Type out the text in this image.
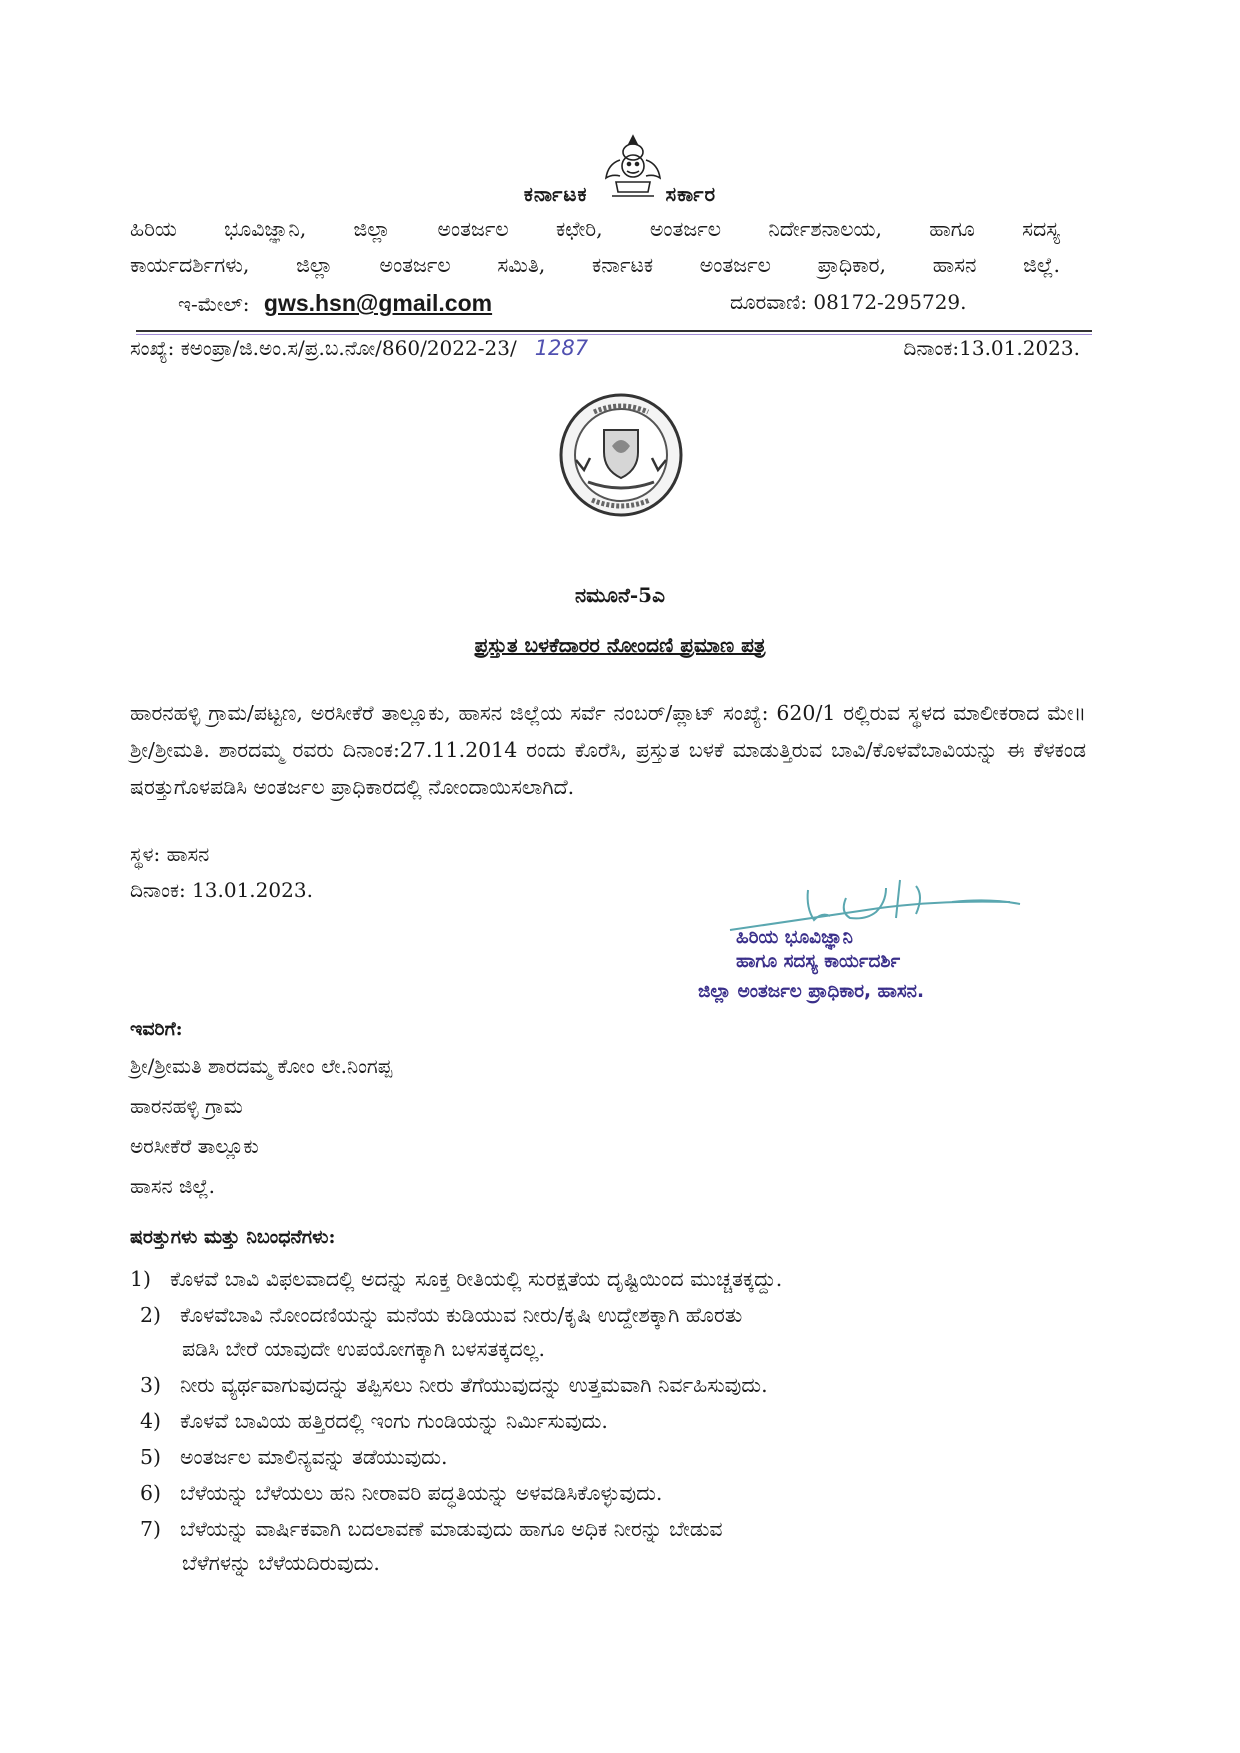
ಕರ್ನಾಟಕ	ಸರ್ಕಾರ
ಹಿರಿಯ ಭೂವಿಜ್ಞಾನಿ, ಜಿಲ್ಲಾ ಅಂತರ್ಜಲ ಕಛೇರಿ, ಅಂತರ್ಜಲ ನಿರ್ದೇಶನಾಲಯ, ಹಾಗೂ ಸದಸ್ಯ
ಕಾರ್ಯದರ್ಶಿಗಳು, ಜಿಲ್ಲಾ ಅಂತರ್ಜಲ ಸಮಿತಿ, ಕರ್ನಾಟಕ ಅಂತರ್ಜಲ ಪ್ರಾಧಿಕಾರ, ಹಾಸನ ಜಿಲ್ಲೆ.
ಇ-ಮೇಲ್: gws.hsn@gmail.com	ದೂರವಾಣಿ: 08172-295729.
ಸಂಖ್ಯೆ: ಕಅಂಪ್ರಾ/ಜಿ.ಅಂ.ಸ/ಪ್ರ.ಬ.ನೋ/860/2022-23/ 1287	ದಿನಾಂಕ:13.01.2023.
ನಮೂನೆ-5ಎ
ಪ್ರಸ್ತುತ ಬಳಕೆದಾರರ ನೋಂದಣಿ ಪ್ರಮಾಣ ಪತ್ರ
ಹಾರನಹಳ್ಳಿ ಗ್ರಾಮ/ಪಟ್ಟಣ, ಅರಸೀಕೆರೆ ತಾಲ್ಲೂಕು, ಹಾಸನ ಜಿಲ್ಲೆಯ ಸರ್ವೆ ನಂಬರ್/ಪ್ಲಾಟ್ ಸಂಖ್ಯೆ: 620/1 ರಲ್ಲಿರುವ ಸ್ಥಳದ ಮಾಲೀಕರಾದ ಮೇ॥ ಶ್ರೀ/ಶ್ರೀಮತಿ. ಶಾರದಮ್ಮ ರವರು ದಿನಾಂಕ:27.11.2014 ರಂದು ಕೊರೆಸಿ, ಪ್ರಸ್ತುತ ಬಳಕೆ ಮಾಡುತ್ತಿರುವ ಬಾವಿ/ಕೊಳವೆಬಾವಿಯನ್ನು ಈ ಕೆಳಕಂಡ ಷರತ್ತುಗೊಳಪಡಿಸಿ ಅಂತರ್ಜಲ ಪ್ರಾಧಿಕಾರದಲ್ಲಿ ನೋಂದಾಯಿಸಲಾಗಿದೆ.
ಸ್ಥಳ: ಹಾಸನ
ದಿನಾಂಕ: 13.01.2023.
ಹಿರಿಯ ಭೂವಿಜ್ಞಾನಿ
ಹಾಗೂ ಸದಸ್ಯ ಕಾರ್ಯದರ್ಶಿ
ಜಿಲ್ಲಾ ಅಂತರ್ಜಲ ಪ್ರಾಧಿಕಾರ, ಹಾಸನ.
ಇವರಿಗೆ:
ಶ್ರೀ/ಶ್ರೀಮತಿ ಶಾರದಮ್ಮ ಕೋಂ ಲೇ.ನಿಂಗಪ್ಪ
ಹಾರನಹಳ್ಳಿ ಗ್ರಾಮ
ಅರಸೀಕೆರೆ ತಾಲ್ಲೂಕು
ಹಾಸನ ಜಿಲ್ಲೆ.
ಷರತ್ತುಗಳು ಮತ್ತು ನಿಬಂಧನೆಗಳು:
1) ಕೊಳವೆ ಬಾವಿ ವಿಫಲವಾದಲ್ಲಿ ಅದನ್ನು ಸೂಕ್ತ ರೀತಿಯಲ್ಲಿ ಸುರಕ್ಷತೆಯ ದೃಷ್ಟಿಯಿಂದ ಮುಚ್ಚತಕ್ಕದ್ದು.
2) ಕೊಳವೆಬಾವಿ ನೋಂದಣಿಯನ್ನು ಮನೆಯ ಕುಡಿಯುವ ನೀರು/ಕೃಷಿ ಉದ್ದೇಶಕ್ಕಾಗಿ ಹೊರತು
ಪಡಿಸಿ ಬೇರೆ ಯಾವುದೇ ಉಪಯೋಗಕ್ಕಾಗಿ ಬಳಸತಕ್ಕದಲ್ಲ.
3) ನೀರು ವ್ಯರ್ಥವಾಗುವುದನ್ನು ತಪ್ಪಿಸಲು ನೀರು ತೆಗೆಯುವುದನ್ನು ಉತ್ತಮವಾಗಿ ನಿರ್ವಹಿಸುವುದು.
4) ಕೊಳವೆ ಬಾವಿಯ ಹತ್ತಿರದಲ್ಲಿ ಇಂಗು ಗುಂಡಿಯನ್ನು ನಿರ್ಮಿಸುವುದು.
5) ಅಂತರ್ಜಲ ಮಾಲಿನ್ಯವನ್ನು ತಡೆಯುವುದು.
6) ಬೆಳೆಯನ್ನು ಬೆಳೆಯಲು ಹನಿ ನೀರಾವರಿ ಪದ್ಧತಿಯನ್ನು ಅಳವಡಿಸಿಕೊಳ್ಳುವುದು.
7) ಬೆಳೆಯನ್ನು ವಾರ್ಷಿಕವಾಗಿ ಬದಲಾವಣೆ ಮಾಡುವುದು ಹಾಗೂ ಅಧಿಕ ನೀರನ್ನು ಬೇಡುವ
ಬೆಳೆಗಳನ್ನು ಬೆಳೆಯದಿರುವುದು.
